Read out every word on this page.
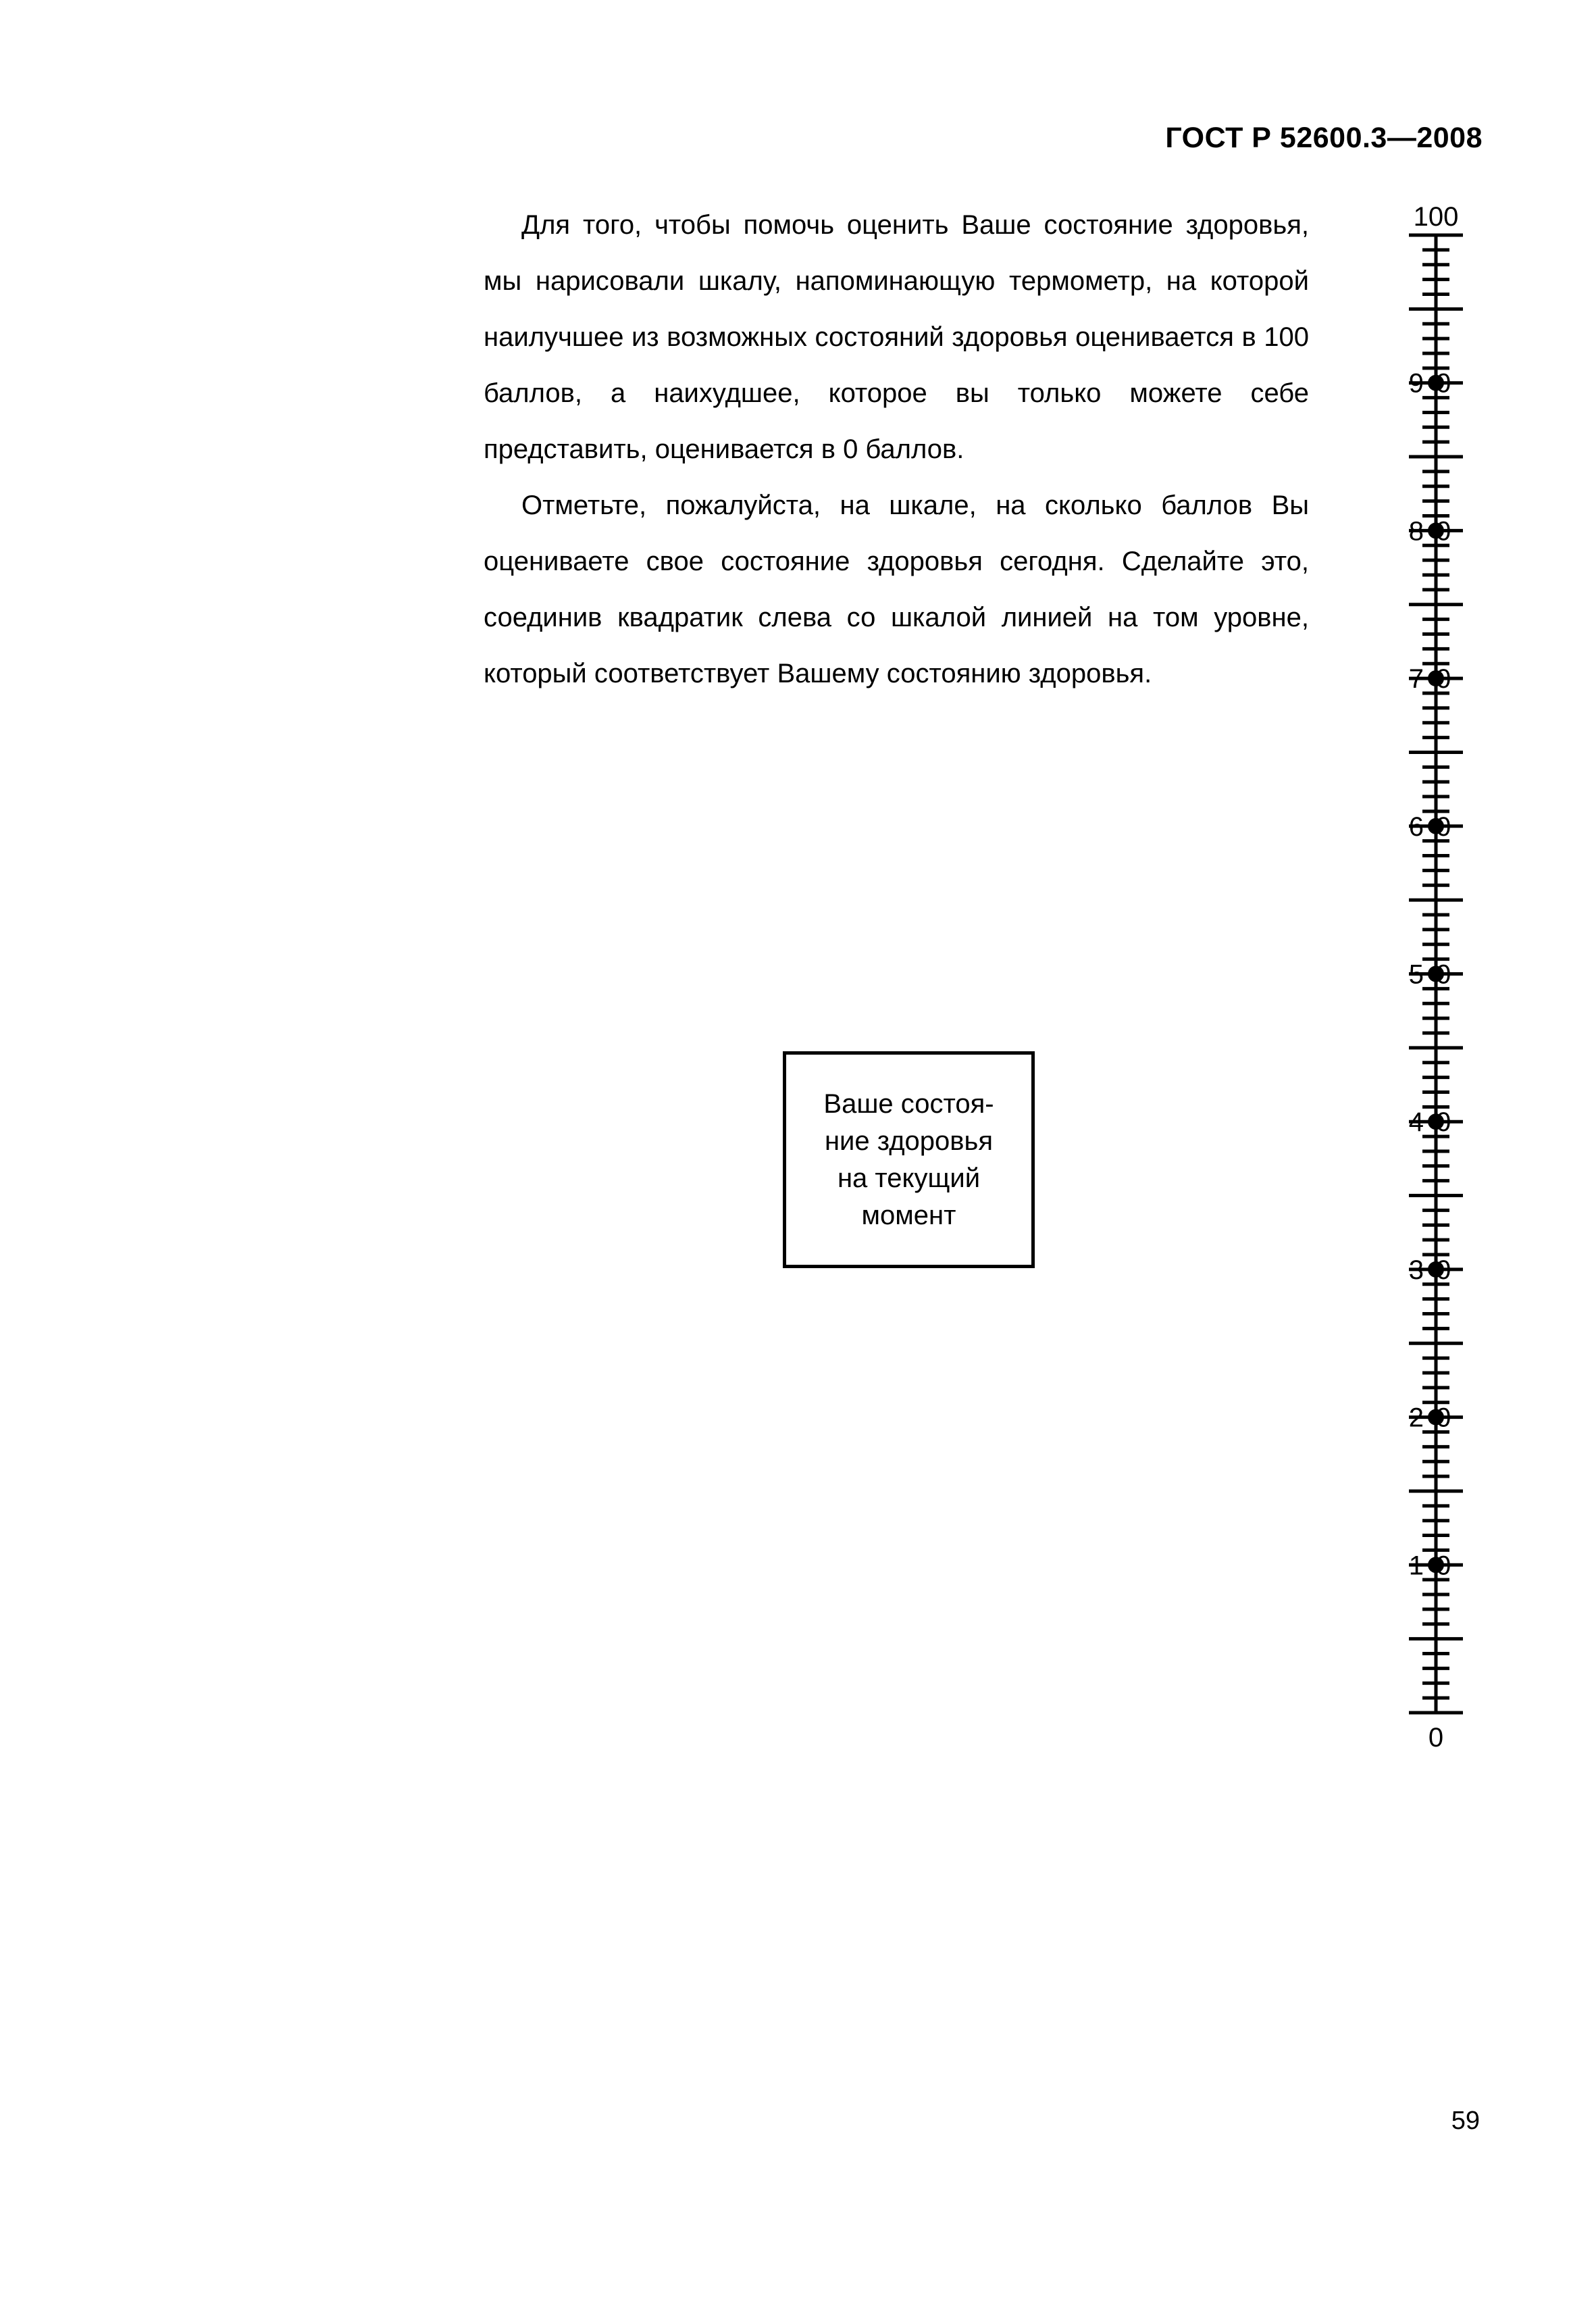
ГОСТ Р 52600.3—2008

Для того, чтобы помочь оценить Ваше состояние здоровья, мы нарисовали шкалу, напоминающую термометр, на которой наилучшее из возможных состояний здоровья оценивается в 100 баллов, а наихудшее, которое вы только можете себе представить, оценивается в 0 баллов.

Отметьте, пожалуйста, на шкале, на сколько баллов Вы оцениваете свое состояние здоровья сегодня. Сделайте это, соединив квадратик слева со шкалой линией на том уровне, который соответствует Вашему состоянию здоровья.

Ваше состоя-ние здоровья на текущий момент
90
80
70
60
50
40
30
20
10
100
0
59
